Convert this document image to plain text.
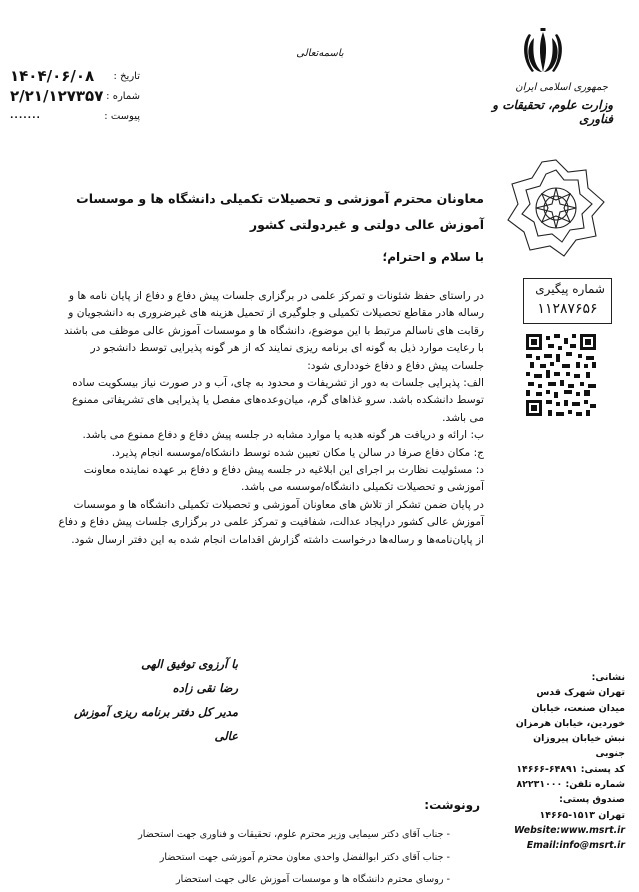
جمهوری اسلامی ایران
وزارت علوم، تحقیقات و فناوری
باسمه‌تعالی
۱۴۰۴/۰۶/۰۸ تاریخ :
۲/۲۱/۱۲۷۳۵۷ شماره :
.......	پیوست :
شماره پیگیری
۱۱۲۸۷۶۵۶
معاونان محترم آموزشی و تحصیلات تکمیلی دانشگاه ها و موسسات آموزش عالی دولتی و غیردولتی کشور
با سلام و احترام؛

در راستای حفظ شئونات و تمرکز علمی در برگزاری جلسات پیش دفاع و دفاع از پایان نامه ها و رساله هادر مقاطع تحصیلات تکمیلی و جلوگیری از تحمیل هزینه های غیرضروری به دانشجویان و رقابت های ناسالم مرتبط با این موضوع، دانشگاه ها و موسسات آموزش عالی موظف می باشند با رعایت موارد ذیل به گونه ای برنامه ریزی نمایند که از هر گونه پذیرایی توسط دانشجو در جلسات پیش دفاع و دفاع خودداری شود:

الف: پذیرایی جلسات به دور از تشریفات و محدود به چای، آب و در صورت نیاز بیسکویت ساده توسط دانشکده باشد. سرو غذاهای گرم، میان‌وعده‌های مفصل یا پذیرایی های تشریفاتی ممنوع می باشد.

ب: ارائه و دریافت هر گونه هدیه یا موارد مشابه در جلسه پیش دفاع و دفاع ممنوع می باشد.

ج: مکان دفاع صرفا در سالن یا مکان تعیین شده توسط دانشکاه/موسسه انجام پذیرد.

د: مسئولیت نظارت بر اجرای این ابلاغیه در جلسه پیش دفاع و دفاع بر عهده نماینده معاونت آموزشی و تحصیلات تکمیلی دانشگاه/موسسه می باشد.

در پایان ضمن تشکر از تلاش های معاونان آموزشی و تحصیلات تکمیلی دانشگاه ها و موسسات آموزش عالی کشور دراپجاد عدالت، شفافیت و تمرکز علمی در برگزاری جلسات پیش دفاع و دفاع از پایان‌نامه‌ها و رساله‌ها درخواست داشته گزارش اقدامات انجام شده به این دفتر ارسال شود.

با آرزوی توفیق الهی
رضا نقی زاده
مدیر کل دفتر برنامه ریزی آموزش عالی
رونوشت:
- جناب آقای دکتر سیمایی وزیر محترم علوم، تحقیقات و فناوری جهت استحضار
- جناب آقای دکتر ابوالفضل واحدی معاون محترم آموزشی جهت استحضار
- روسای محترم دانشگاه ها و موسسات آموزش عالی جهت استحضار
نشانی:
تهران شهرک قدس
میدان صنعت، خیابان
خوردین، خیابان هرمزان
نبش خیابان پیروزان جنوبی
کد پستی: ۶۴۸۹۱-۱۴۶۶۶
شماره تلفن: ۸۲۲۳۱۰۰۰
صندوق پستی:
تهران ۱۵۱۳-۱۴۶۶۵
Website:www.msrt.ir
Email:info@msrt.ir
